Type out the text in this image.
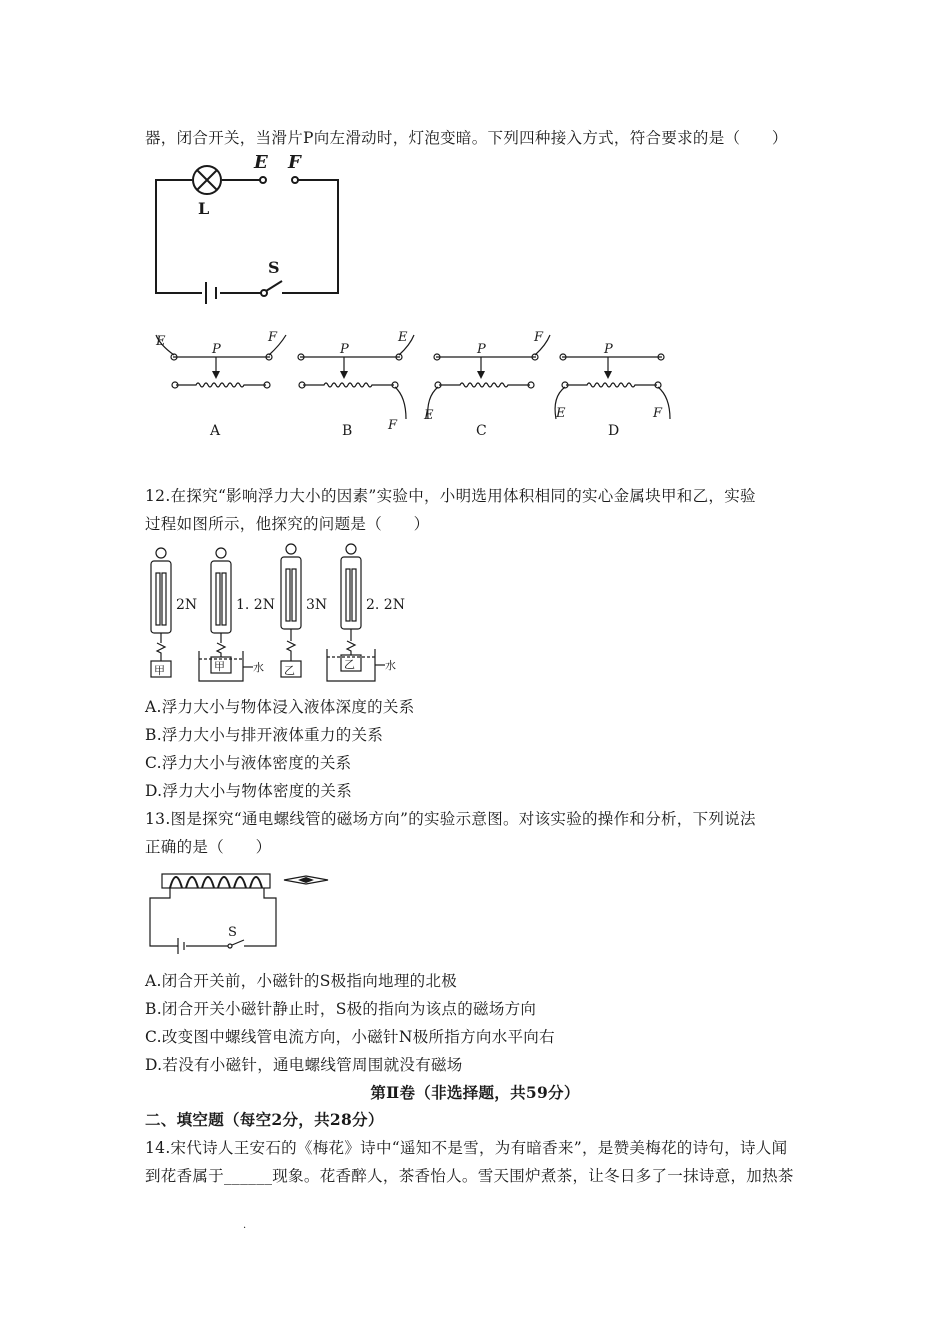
器，闭合开关，当滑片P向左滑动时，灯泡变暗。下列四种接入方式，符合要求的是（　　）
L
E F
S
E	F
P
A
E
F
P
B
E
F
P
C
E	F
P
D
12.在探究“影响浮力大小的因素”实验中，小明选用体积相同的实心金属块甲和乙，实验
过程如图所示，他探究的问题是（　　）
甲
2N
甲	水
1. 2N
乙
3N
乙	水
2. 2N
A.浮力大小与物体浸入液体深度的关系
B.浮力大小与排开液体重力的关系
C.浮力大小与液体密度的关系
D.浮力大小与物体密度的关系
13.图是探究“通电螺线管的磁场方向”的实验示意图。对该实验的操作和分析，下列说法
正确的是（　　）
S
A.闭合开关前，小磁针的S极指向地理的北极
B.闭合开关小磁针静止时，S极的指向为该点的磁场方向
C.改变图中螺线管电流方向，小磁针N极所指方向水平向右
D.若没有小磁针，通电螺线管周围就没有磁场
第Ⅱ卷（非选择题，共59分）
二、填空题（每空2分，共28分）
14.宋代诗人王安石的《梅花》诗中“遥知不是雪，为有暗香来”，是赞美梅花的诗句，诗人闻
到花香属于______现象。花香醉人，茶香怡人。雪天围炉煮茶，让冬日多了一抹诗意，加热茶
.
